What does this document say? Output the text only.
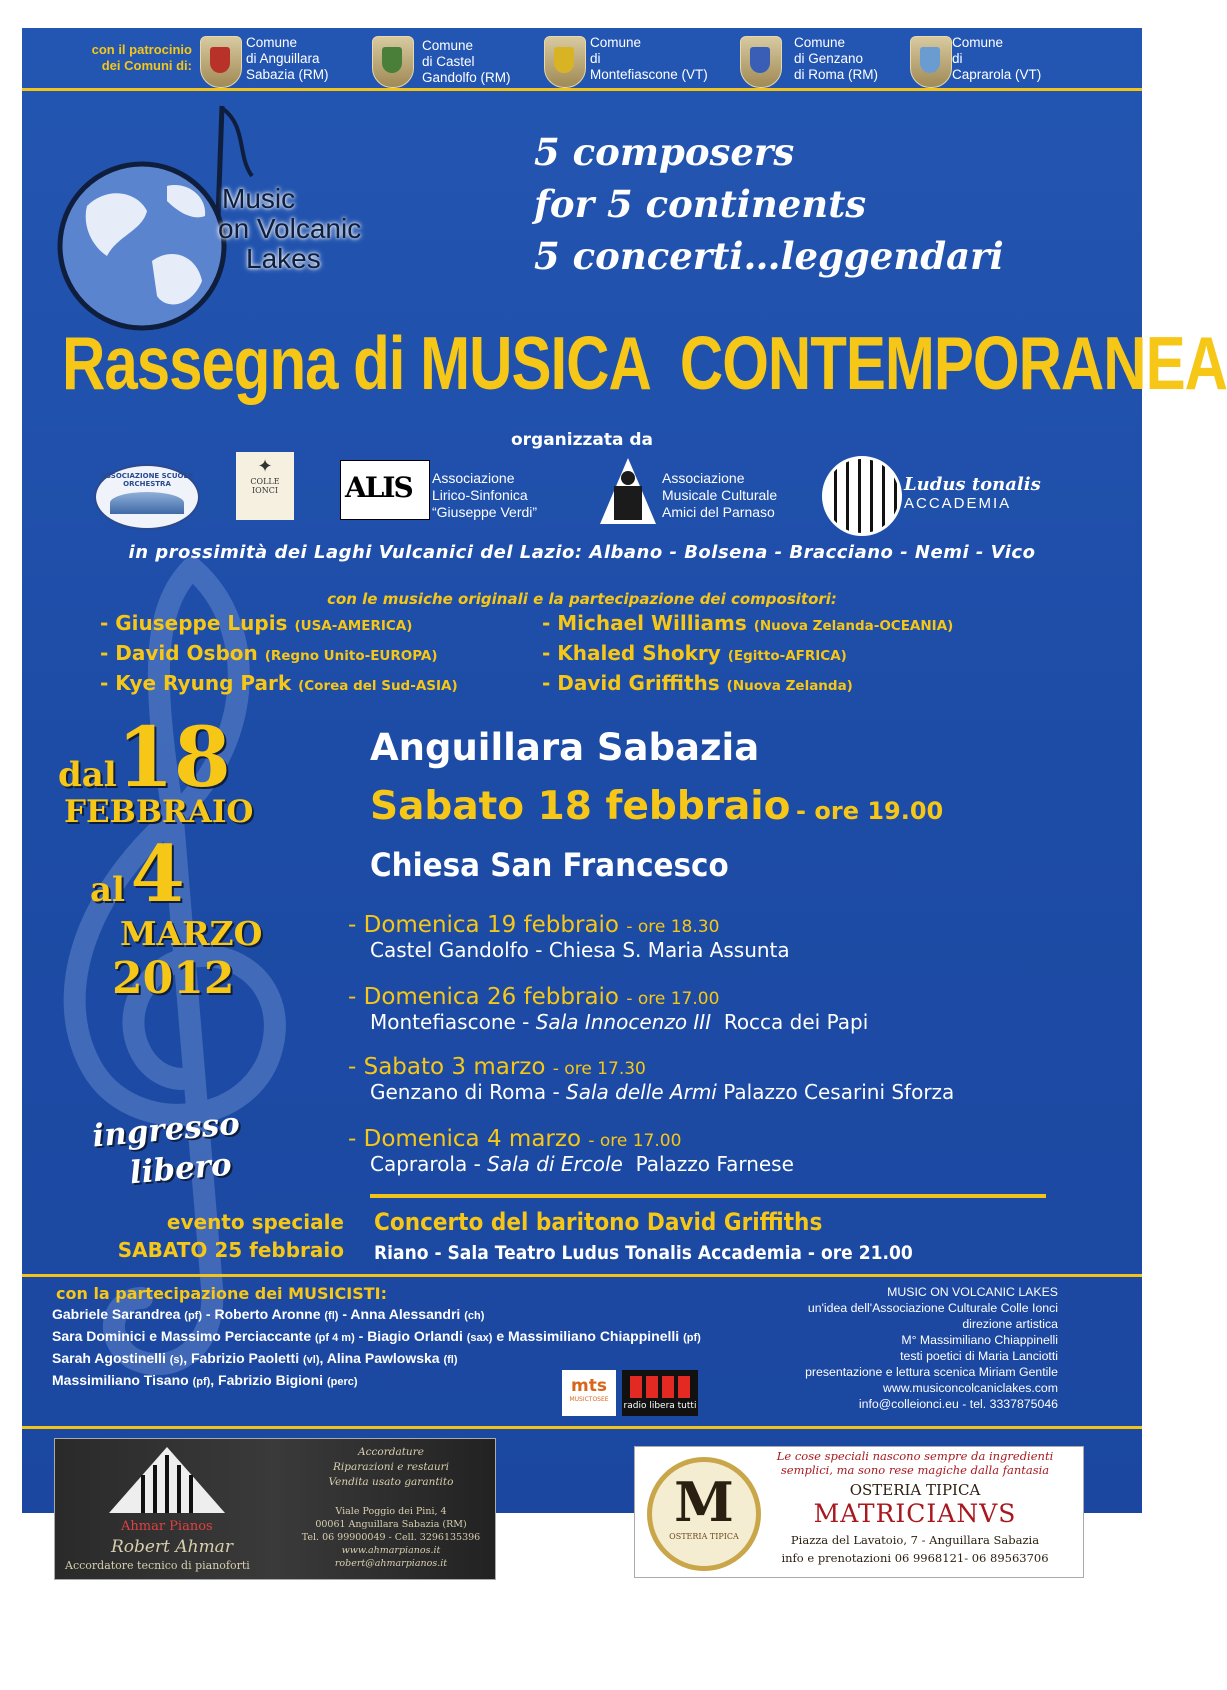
con il patrocinio
dei Comuni di:
Comune
di Anguillara
Sabazia (RM)
Comune
di Castel
Gandolfo (RM)
Comune
di
Montefiascone (VT)
Comune
di Genzano
di Roma (RM)
Comune
di
Caprarola (VT)
Music
on Volcanic
Lakes
5 composers
for 5 continents
5 concerti…leggendari
Rassegna di MUSICA  CONTEMPORANEA
organizzata da
ASSOCIAZIONE SCUOLA ORCHESTRA
✦
COLLE
IONCI	ALIS	Associazione
Lirico-Sinfonica
“Giuseppe Verdi”
Associazione
Musicale Culturale
Amici del Parnaso
Ludus tonalis
ACCADEMIA
in prossimità dei Laghi Vulcanici del Lazio: Albano - Bolsena - Bracciano - Nemi - Vico
con le musiche originali e la partecipazione dei compositori:
- Giuseppe Lupis (USA-AMERICA)
- David Osbon (Regno Unito-EUROPA)
- Kye Ryung Park (Corea del Sud-ASIA)
- Michael Williams (Nuova Zelanda-OCEANIA)
- Khaled Shokry (Egitto-AFRICA)
- David Griffiths (Nuova Zelanda)
dal18
FEBBRAIO
al 4
MARZO
2012
ingresso
libero
Anguillara Sabazia
Sabato 18 febbraio - ore 19.00
Chiesa San Francesco
- Domenica 19 febbraio - ore 18.30
Castel Gandolfo - Chiesa S. Maria Assunta
- Domenica 26 febbraio - ore 17.00
Montefiascone - Sala Innocenzo III  Rocca dei Papi
- Sabato 3 marzo - ore 17.30
Genzano di Roma - Sala delle Armi Palazzo Cesarini Sforza
- Domenica 4 marzo - ore 17.00
Caprarola - Sala di Ercole  Palazzo Farnese
evento speciale
SABATO 25 febbraio
Concerto del baritono David Griffiths
Riano - Sala Teatro Ludus Tonalis Accademia - ore 21.00
con la partecipazione dei MUSICISTI:
Gabriele Sarandrea (pf) - Roberto Aronne (fl) - Anna Alessandri (ch)
Sara Dominici e Massimo Perciaccante (pf 4 m) - Biagio Orlandi (sax) e Massimiliano Chiappinelli (pf)
Sarah Agostinelli (s), Fabrizio Paoletti (vl), Alina Pawlowska (fl)
Massimiliano Tisano (pf), Fabrizio Bigioni (perc)	mts
MUSICTOSEE
radio libera tutti
MUSIC ON VOLCANIC LAKES
un'idea dell'Associazione Culturale Colle Ionci
direzione artistica
M° Massimiliano Chiappinelli
testi poetici di Maria Lanciotti
presentazione e lettura scenica Miriam Gentile
www.musiconcolcaniclakes.com
info@colleionci.eu - tel. 3337875046
Ahmar Pianos
Robert Ahmar
Accordatore tecnico di pianoforti
Accordature
Riparazioni e restauri
Vendita usato garantito
Viale Poggio dei Pini, 4
00061 Anguillara Sabazia (RM)
Tel. 06 99900049 - Cell. 3296135396
www.ahmarpianos.it
robert@ahmarpianos.it
M
OSTERIA TIPICA
Le cose speciali nascono sempre da ingredienti
semplici, ma sono rese magiche dalla fantasia
OSTERIA TIPICA
MATRICIANVS
Piazza del Lavatoio, 7 - Anguillara Sabazia
info e prenotazioni 06 9968121- 06 89563706
